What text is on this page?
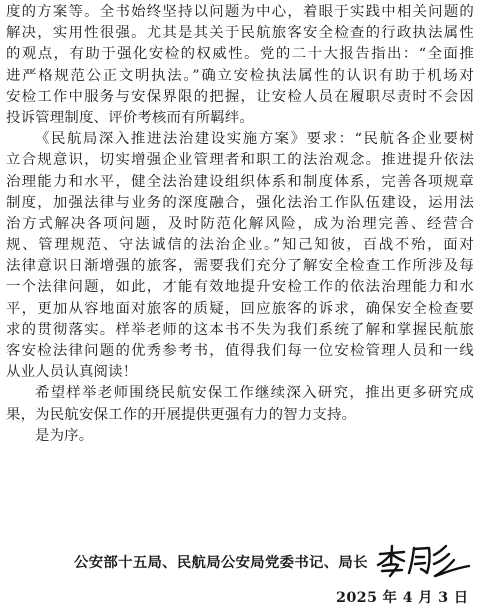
度的方案等。全书始终坚持以问题为中心，着眼于实践中相关问题的
解决，实用性很强。尤其是其关于民航旅客安全检查的行政执法属性
的观点，有助于强化安检的权威性。党的二十大报告指出：“全面推
进严格规范公正文明执法。”确立安检执法属性的认识有助于机场对
安检工作中服务与安保界限的把握，让安检人员在履职尽责时不会因
投诉管理制度、评价考核而有所羁绊。
《民航局深入推进法治建设实施方案》要求：“民航各企业要树
立合规意识，切实增强企业管理者和职工的法治观念。推进提升依法
治理能力和水平，健全法治建设组织体系和制度体系，完善各项规章
制度，加强法律与业务的深度融合，强化法治工作队伍建设，运用法
治方式解决各项问题，及时防范化解风险，成为治理完善、经营合
规、管理规范、守法诚信的法治企业。”知己知彼，百战不殆，面对
法律意识日渐增强的旅客，需要我们充分了解安全检查工作所涉及每
一个法律问题，如此，才能有效地提升安检工作的依法治理能力和水
平，更加从容地面对旅客的质疑，回应旅客的诉求，确保安全检查要
求的贯彻落实。样举老师的这本书不失为我们系统了解和掌握民航旅
客安检法律问题的优秀参考书，值得我们每一位安检管理人员和一线
从业人员认真阅读！
希望样举老师围绕民航安保工作继续深入研究，推出更多研究成
果，为民航安保工作的开展提供更强有力的智力支持。
是为序。
公安部十五局、民航局公安局党委书记、局长
2025 年 4 月 3 日
